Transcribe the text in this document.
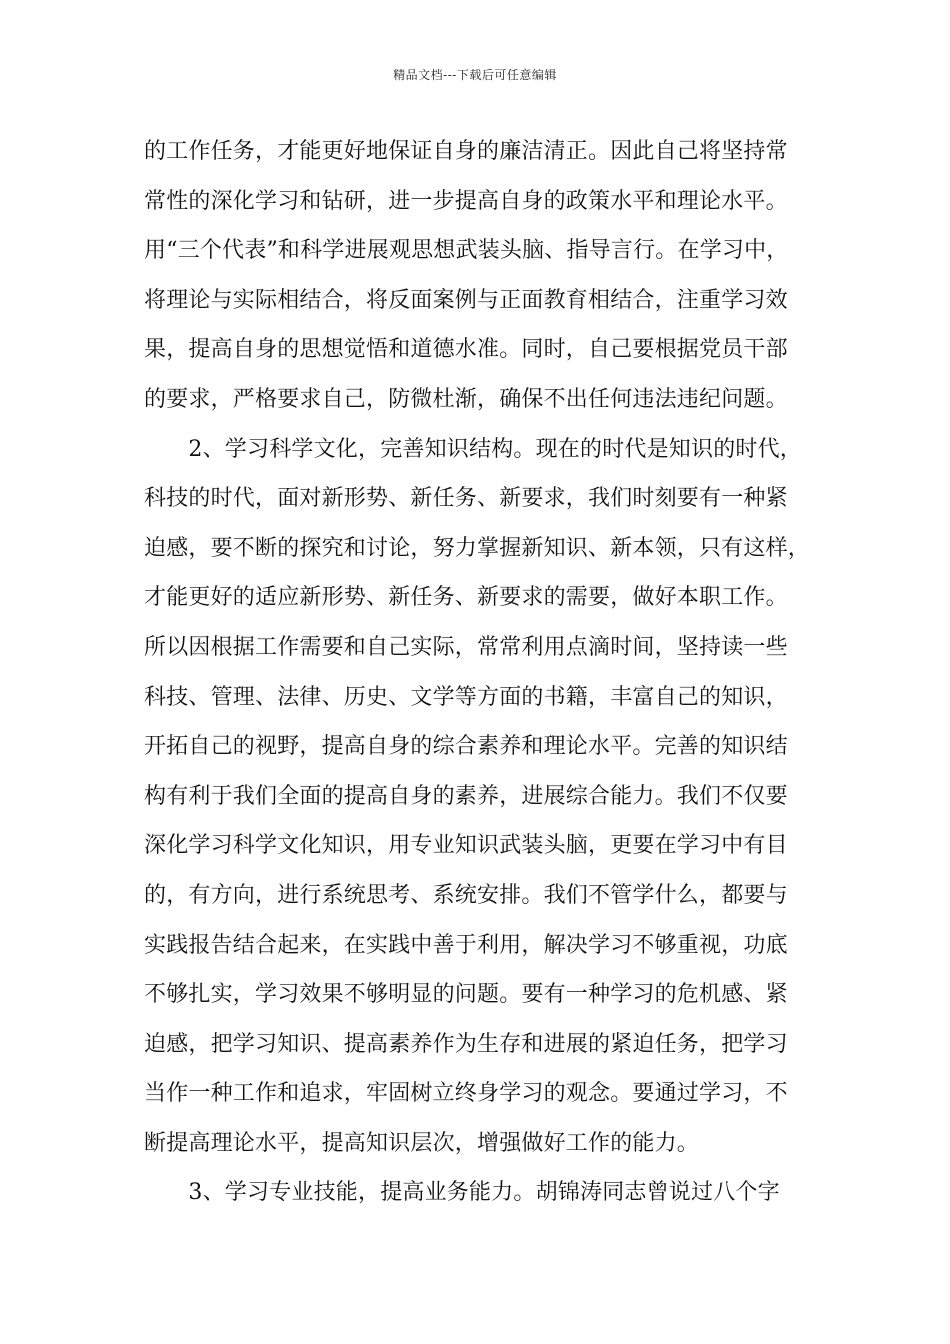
精品文档---下载后可任意编辑
的工作任务，才能更好地保证自身的廉洁清正。因此自己将坚持常
常性的深化学习和钻研，进一步提高自身的政策水平和理论水平。
用“三个代表”和科学进展观思想武装头脑、指导言行。在学习中，
将理论与实际相结合，将反面案例与正面教育相结合，注重学习效
果，提高自身的思想觉悟和道德水准。同时，自己要根据党员干部
的要求，严格要求自己，防微杜渐，确保不出任何违法违纪问题。
　　2、学习科学文化，完善知识结构。现在的时代是知识的时代，
科技的时代，面对新形势、新任务、新要求，我们时刻要有一种紧
迫感，要不断的探究和讨论，努力掌握新知识、新本领，只有这样，
才能更好的适应新形势、新任务、新要求的需要，做好本职工作。
所以因根据工作需要和自己实际，常常利用点滴时间，坚持读一些
科技、管理、法律、历史、文学等方面的书籍，丰富自己的知识，
开拓自己的视野，提高自身的综合素养和理论水平。完善的知识结
构有利于我们全面的提高自身的素养，进展综合能力。我们不仅要
深化学习科学文化知识，用专业知识武装头脑，更要在学习中有目
的，有方向，进行系统思考、系统安排。我们不管学什么，都要与
实践报告结合起来，在实践中善于利用，解决学习不够重视，功底
不够扎实，学习效果不够明显的问题。要有一种学习的危机感、紧
迫感，把学习知识、提高素养作为生存和进展的紧迫任务，把学习
当作一种工作和追求，牢固树立终身学习的观念。要通过学习，不
断提高理论水平，提高知识层次，增强做好工作的能力。
　　3、学习专业技能，提高业务能力。胡锦涛同志曾说过八个字
